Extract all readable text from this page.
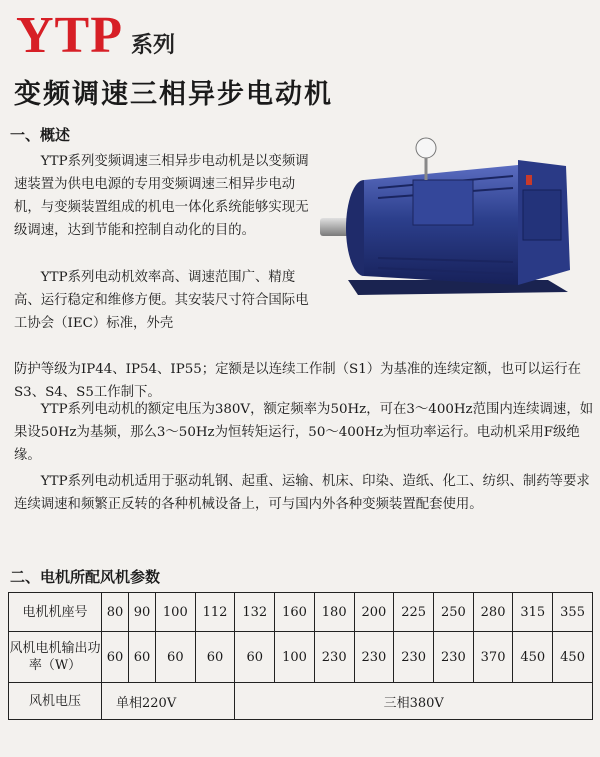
YTP 系列
变频调速三相异步电动机
一、概述

YTP系列变频调速三相异步电动机是以变频调速装置为供电电源的专用变频调速三相异步电动机，与变频装置组成的机电一体化系统能够实现无级调速，达到节能和控制自动化的目的。

YTP系列电动机效率高、调速范围广、精度高、运行稳定和维修方便。其安装尺寸符合国际电工协会（IEC）标准，外壳

防护等级为IP44、IP54、IP55；定额是以连续工作制（S1）为基准的连续定额，也可以运行在S3、S4、S5工作制下。

YTP系列电动机的额定电压为380V，额定频率为50Hz，可在3～400Hz范围内连续调速，如果设50Hz为基频，那么3～50Hz为恒转矩运行，50～400Hz为恒功率运行。电动机采用F级绝缘。

YTP系列电动机适用于驱动轧钢、起重、运输、机床、印染、造纸、化工、纺织、制药等要求连续调速和频繁正反转的各种机械设备上，可与国内外各种变频装置配套使用。

二、电机所配风机参数
电机机座号	80	90	100	112	132	160	180	200	225	250	280	315	355
风机电机输出功率（W）	60	60	60	60	60	100	230	230	230	230	370	450	450
风机电压	单相220V				三相380V								
